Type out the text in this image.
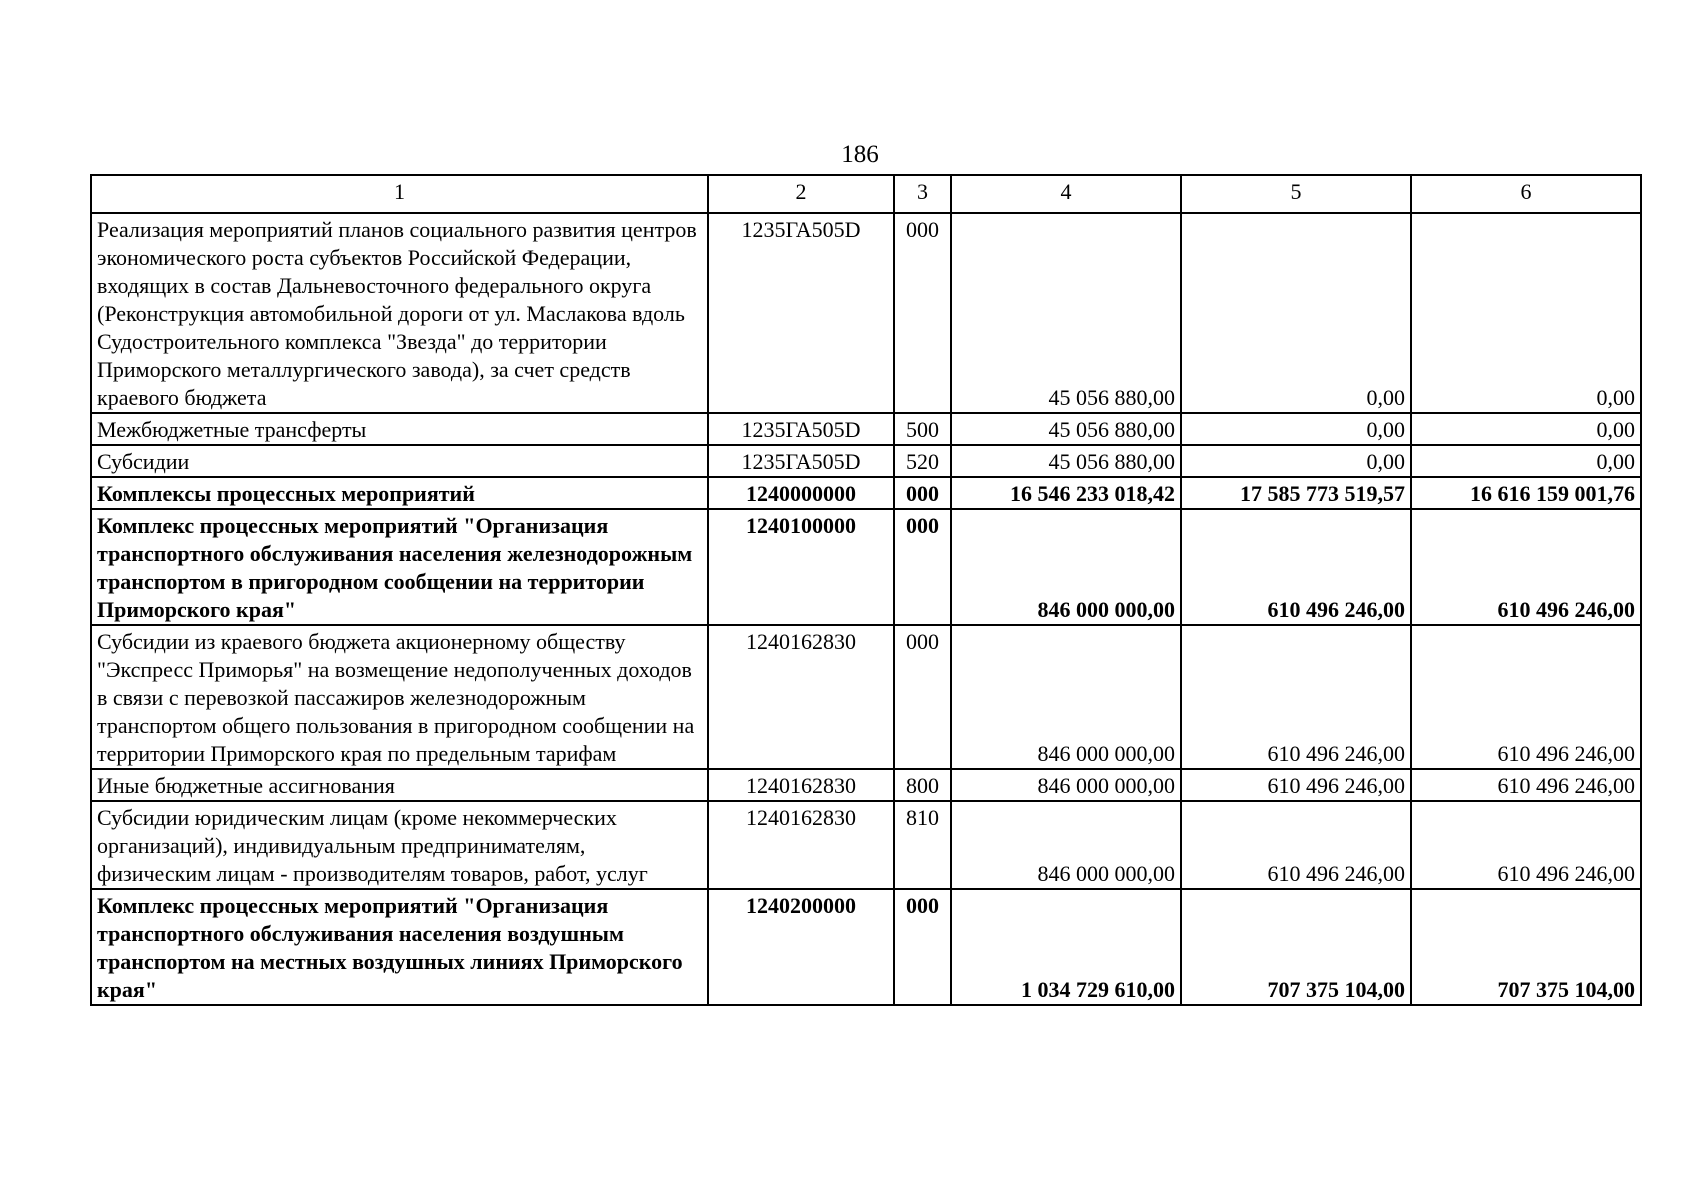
186
1	2	3	4	5	6
Реализация мероприятий планов социального развития центров экономического роста субъектов Российской Федерации, входящих в состав Дальневосточного федерального округа (Реконструкция автомобильной дороги от ул. Маслакова вдоль Судостроительного комплекса "Звезда" до территории Приморского металлургического завода), за счет средств краевого бюджета	1235ГА505D	000	45 056 880,00	0,00	0,00
Межбюджетные трансферты	1235ГА505D	500	45 056 880,00	0,00	0,00
Субсидии	1235ГА505D	520	45 056 880,00	0,00	0,00
Комплексы процессных мероприятий	1240000000	000	16 546 233 018,42	17 585 773 519,57	16 616 159 001,76
Комплекс процессных мероприятий "Организация транспортного обслуживания населения железнодорожным транспортом в пригородном сообщении на территории Приморского края"	1240100000	000	846 000 000,00	610 496 246,00	610 496 246,00
Субсидии из краевого бюджета акционерному обществу "Экспресс Приморья" на возмещение недополученных доходов в связи с перевозкой пассажиров железнодорожным транспортом общего пользования в пригородном сообщении на территории Приморского края по предельным тарифам	1240162830	000	846 000 000,00	610 496 246,00	610 496 246,00
Иные бюджетные ассигнования	1240162830	800	846 000 000,00	610 496 246,00	610 496 246,00
Субсидии юридическим лицам (кроме некоммерческих организаций), индивидуальным предпринимателям, физическим лицам - производителям товаров, работ, услуг	1240162830	810	846 000 000,00	610 496 246,00	610 496 246,00
Комплекс процессных мероприятий "Организация транспортного обслуживания населения воздушным транспортом на местных воздушных линиях Приморского края"	1240200000	000	1 034 729 610,00	707 375 104,00	707 375 104,00
